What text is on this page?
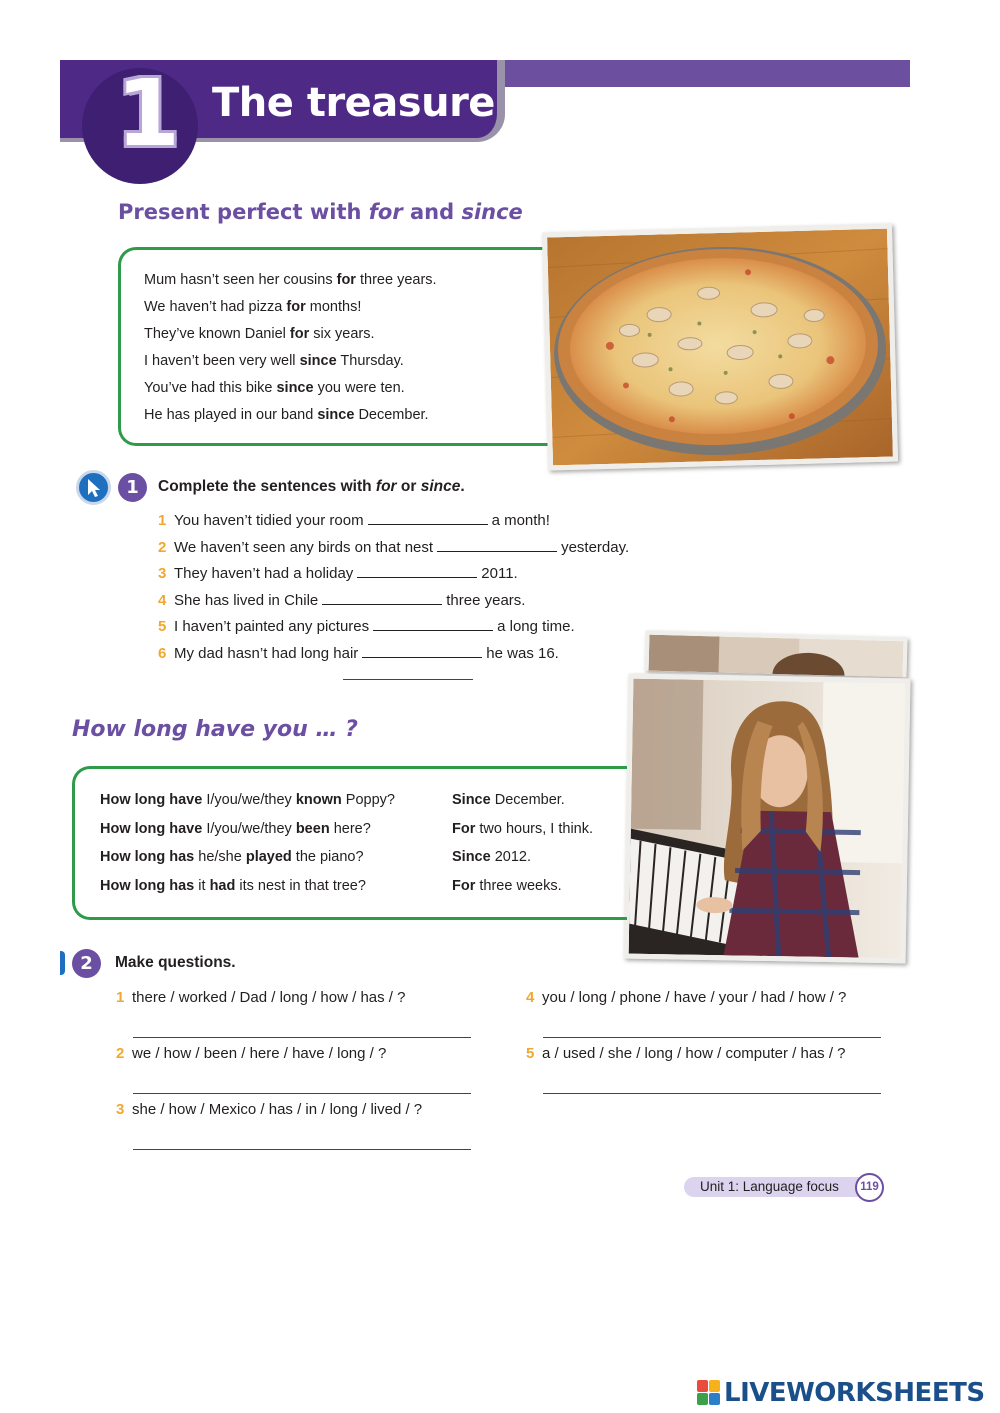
1 The treasure
Present perfect with for and since
Mum hasn’t seen her cousins for three years.
We haven’t had pizza for months!
They’ve known Daniel for six years.
I haven’t been very well since Thursday.
You’ve had this bike since you were ten.
He has played in our band since December.
1	Complete the sentences with for or since.
1 You haven’t tidied your room	a month!
2 We haven’t seen any birds on that nest	yesterday.
3 They haven’t had a holiday	2011.
4 She has lived in Chile	three years.
5 I haven’t painted any pictures	a long time.
6 My dad hasn’t had long hair	he was 16.
How long have you … ?
How long have I/you/we/they known Poppy?	Since December.
How long have I/you/we/they been here?	For two hours, I think.
How long has he/she played the piano?	Since 2012.
How long has it had its nest in that tree?	For three weeks.
2	Make questions.
1 there / worked / Dad / long / how / has / ?
2 we / how / been / here / have / long / ?
3 she / how / Mexico / has / in / long / lived / ?
4 you / long / phone / have / your / had / how / ?
5 a / used / she / long / how / computer / has / ?
Unit 1: Language focus	119
LIVEWORKSHEETS
